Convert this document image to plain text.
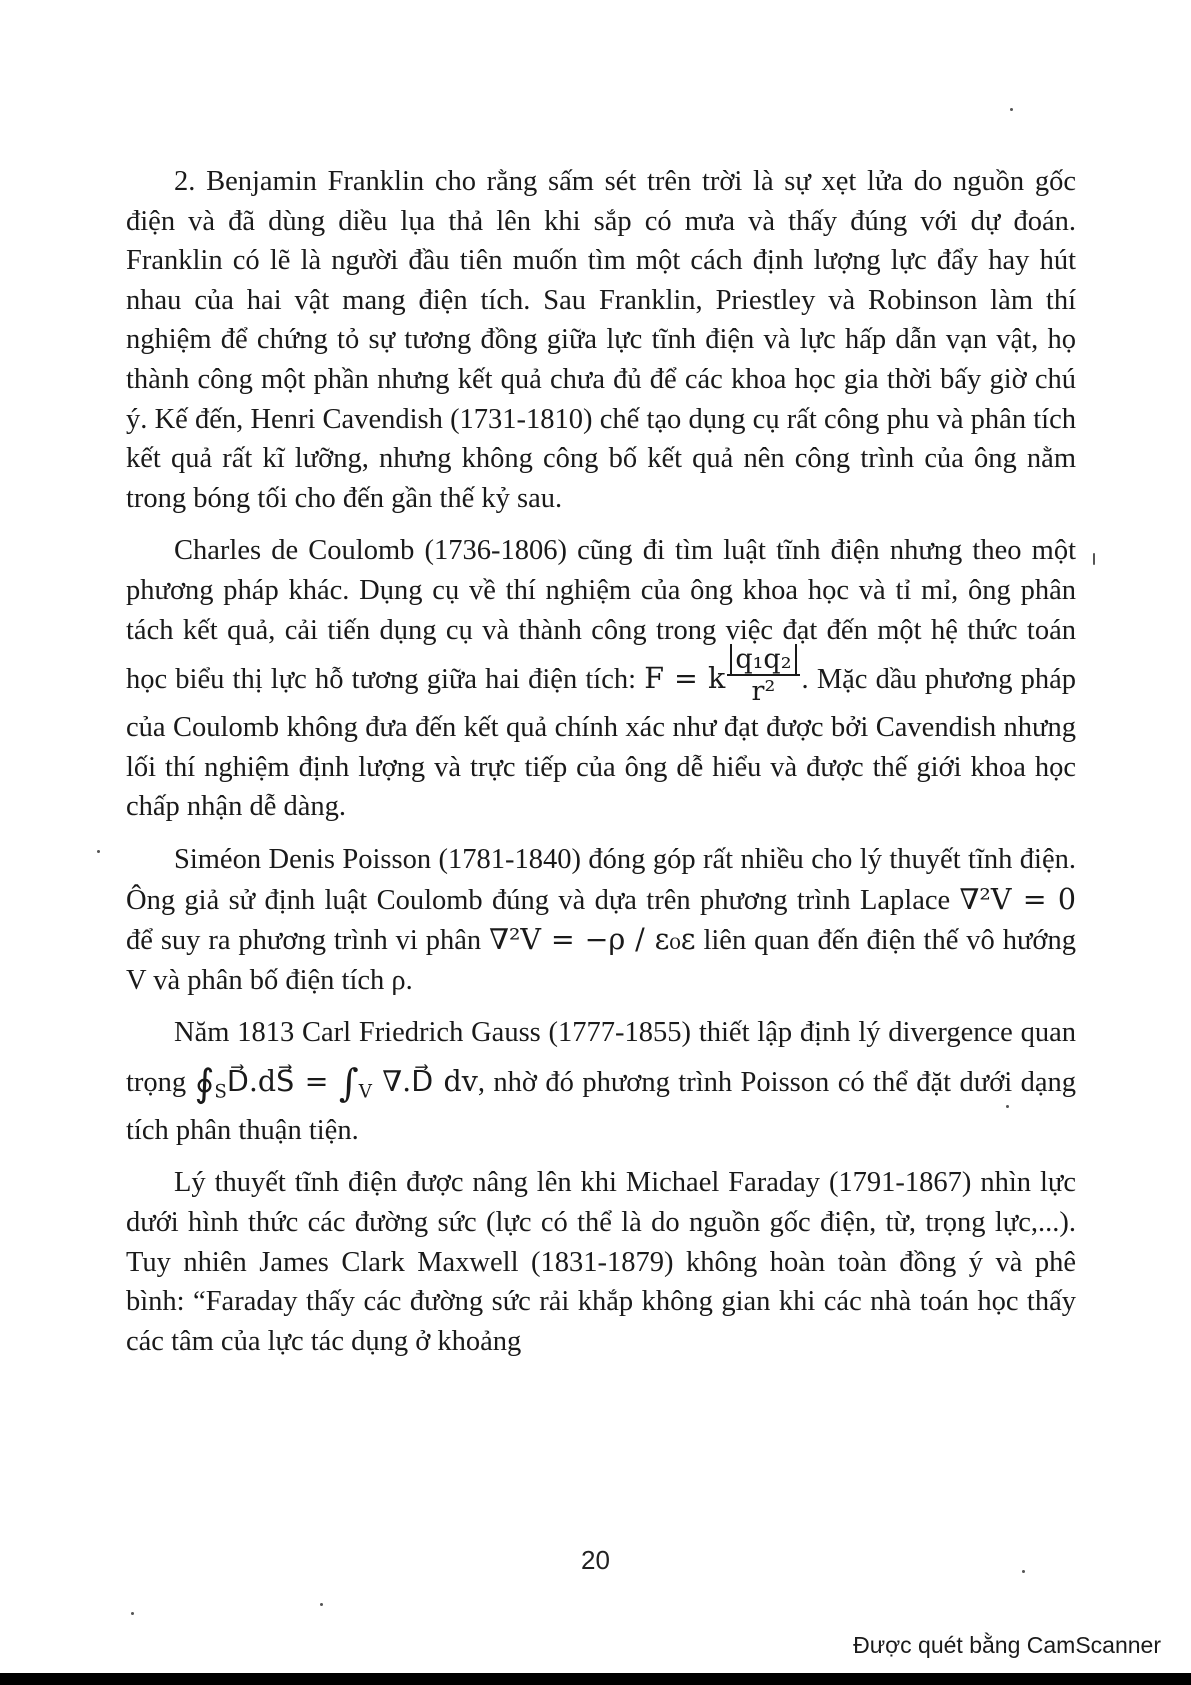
2. Benjamin Franklin cho rằng sấm sét trên trời là sự xẹt lửa do nguồn gốc điện và đã dùng diều lụa thả lên khi sắp có mưa và thấy đúng với dự đoán. Franklin có lẽ là người đầu tiên muốn tìm một cách định lượng lực đẩy hay hút nhau của hai vật mang điện tích. Sau Franklin, Priestley và Robinson làm thí nghiệm để chứng tỏ sự tương đồng giữa lực tĩnh điện và lực hấp dẫn vạn vật, họ thành công một phần nhưng kết quả chưa đủ để các khoa học gia thời bấy giờ chú ý. Kế đến, Henri Cavendish (1731-1810) chế tạo dụng cụ rất công phu và phân tích kết quả rất kĩ lưỡng, nhưng không công bố kết quả nên công trình của ông nằm trong bóng tối cho đến gần thế kỷ sau.

Charles de Coulomb (1736-1806) cũng đi tìm luật tĩnh điện nhưng theo một phương pháp khác. Dụng cụ về thí nghiệm của ông khoa học và tỉ mỉ, ông phân tách kết quả, cải tiến dụng cụ và thành công trong việc đạt đến một hệ thức toán học biểu thị lực hỗ tương giữa hai điện tích: F = k $\frac{\text{q₁q₂}}{\text{r²}}$ . Mặc dầu phương pháp của Coulomb không đưa đến kết quả chính xác như đạt được bởi Cavendish nhưng lối thí nghiệm định lượng và trực tiếp của ông dễ hiểu và được thế giới khoa học chấp nhận dễ dàng.

Siméon Denis Poisson (1781-1840) đóng góp rất nhiều cho lý thuyết tĩnh điện. Ông giả sử định luật Coulomb đúng và dựa trên phương trình Laplace ∇²V = 0 để suy ra phương trình vi phân ∇²V = −ρ / ε₀ε liên quan đến điện thế vô hướng V và phân bố điện tích ρ.

Năm 1813 Carl Friedrich Gauss (1777-1855) thiết lập định lý divergence quan trọng $∮_SD⃗.dS⃗ = \int_V$ ∇.D⃗ dv, nhờ đó phương trình Poisson có thể đặt dưới dạng tích phân thuận tiện.

Lý thuyết tĩnh điện được nâng lên khi Michael Faraday (1791-1867) nhìn lực dưới hình thức các đường sức (lực có thể là do nguồn gốc điện, từ, trọng lực,...). Tuy nhiên James Clark Maxwell (1831-1879) không hoàn toàn đồng ý và phê bình: “Faraday thấy các đường sức rải khắp không gian khi các nhà toán học thấy các tâm của lực tác dụng ở khoảng

20
Được quét bằng CamScanner
